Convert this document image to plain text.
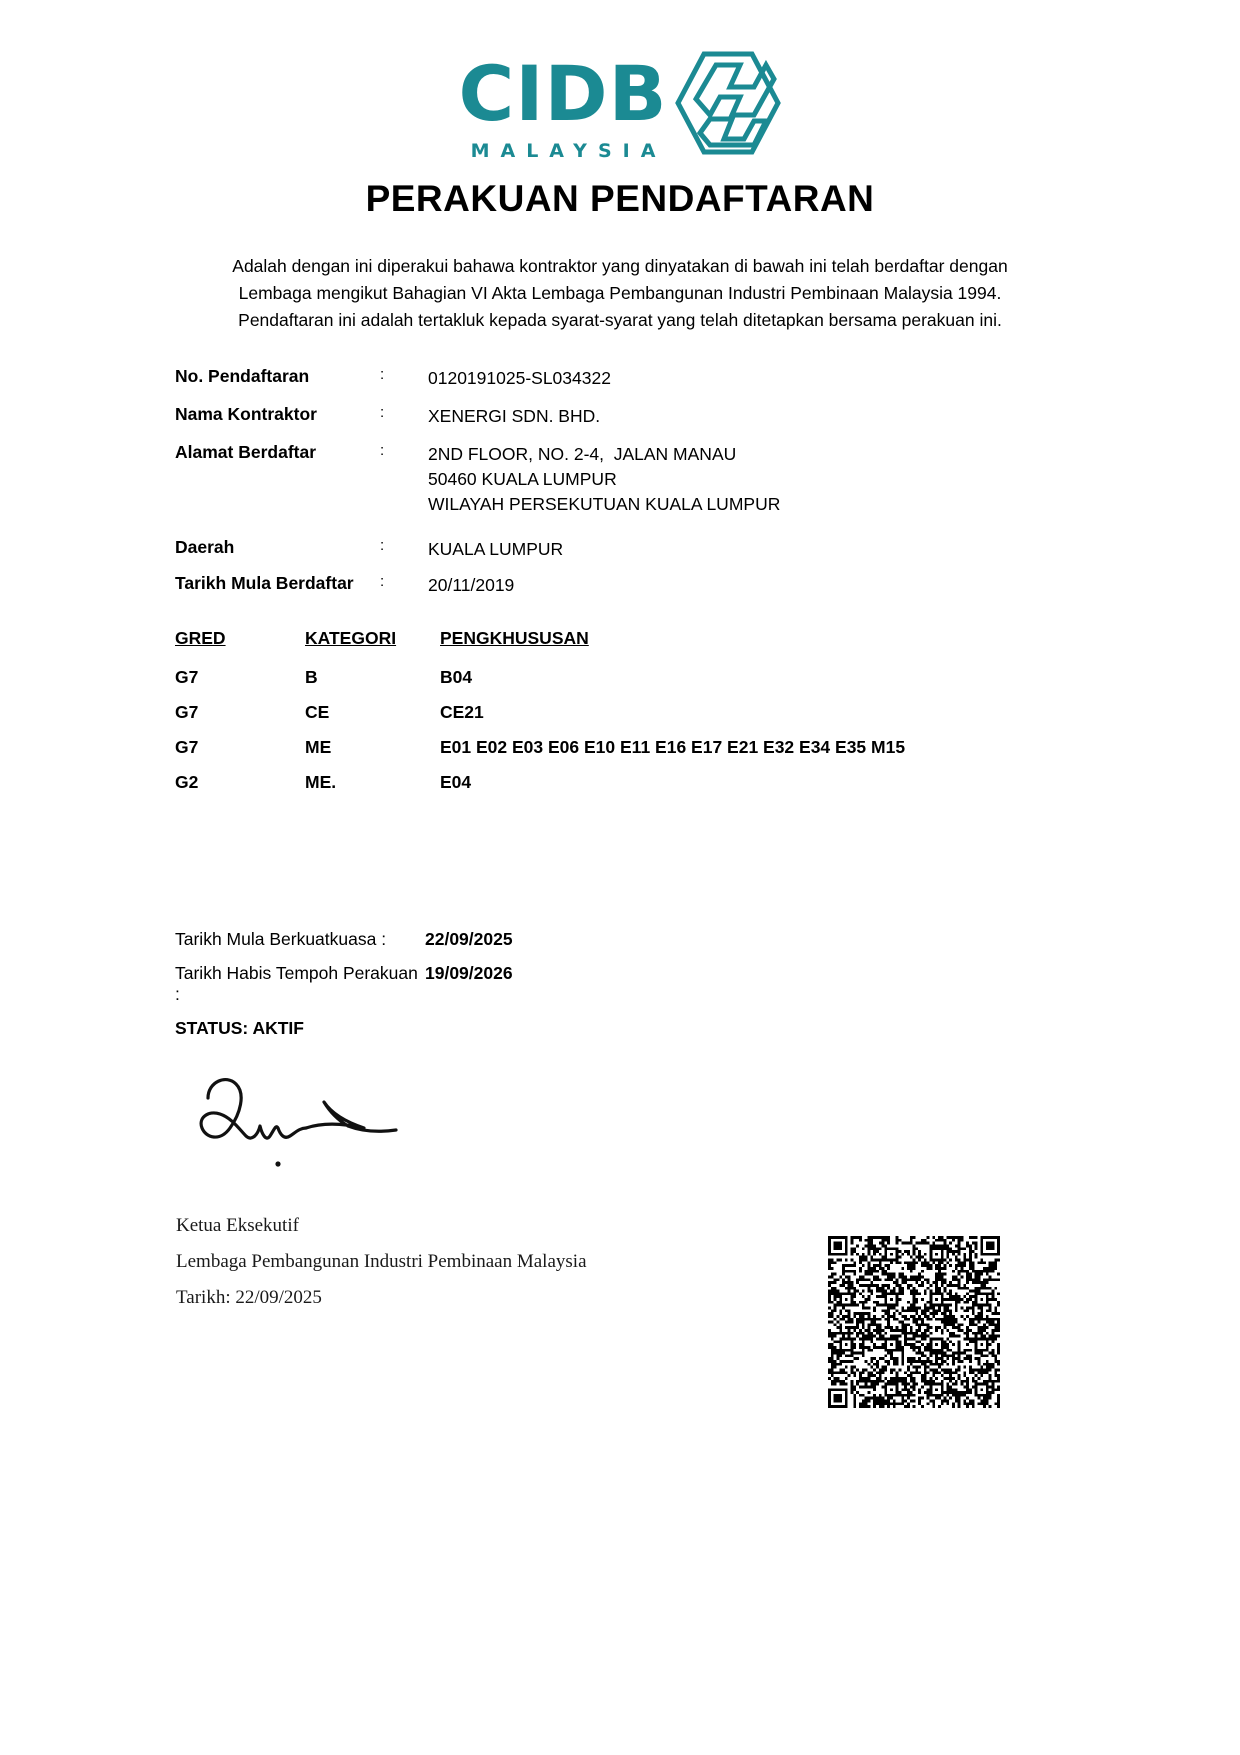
CIDB
MALAYSIA
PERAKUAN PENDAFTARAN
Adalah dengan ini diperakui bahawa kontraktor yang dinyatakan di bawah ini telah berdaftar dengan
Lembaga mengikut Bahagian VI Akta Lembaga Pembangunan Industri Pembinaan Malaysia 1994.
Pendaftaran ini adalah tertakluk kepada syarat-syarat yang telah ditetapkan bersama perakuan ini.
No. Pendaftaran	:	0120191025-SL034322
Nama Kontraktor	:	XENERGI SDN. BHD.
Alamat Berdaftar	:	2ND FLOOR, NO. 2-4,  JALAN MANAU
50460 KUALA LUMPUR
WILAYAH PERSEKUTUAN KUALA LUMPUR
Daerah	:	KUALA LUMPUR
Tarikh Mula Berdaftar	:	20/11/2019
GRED	KATEGORI	PENGKHUSUSAN
G7	B	B04
G7	CE	CE21
G7	ME	E01 E02 E03 E06 E10 E11 E16 E17 E21 E32 E34 E35 M15
G2	ME.	E04
Tarikh Mula Berkuatkuasa :	22/09/2025
Tarikh Habis Tempoh Perakuan :
19/09/2026
STATUS: AKTIF
Ketua Eksekutif
Lembaga Pembangunan Industri Pembinaan Malaysia
Tarikh: 22/09/2025
